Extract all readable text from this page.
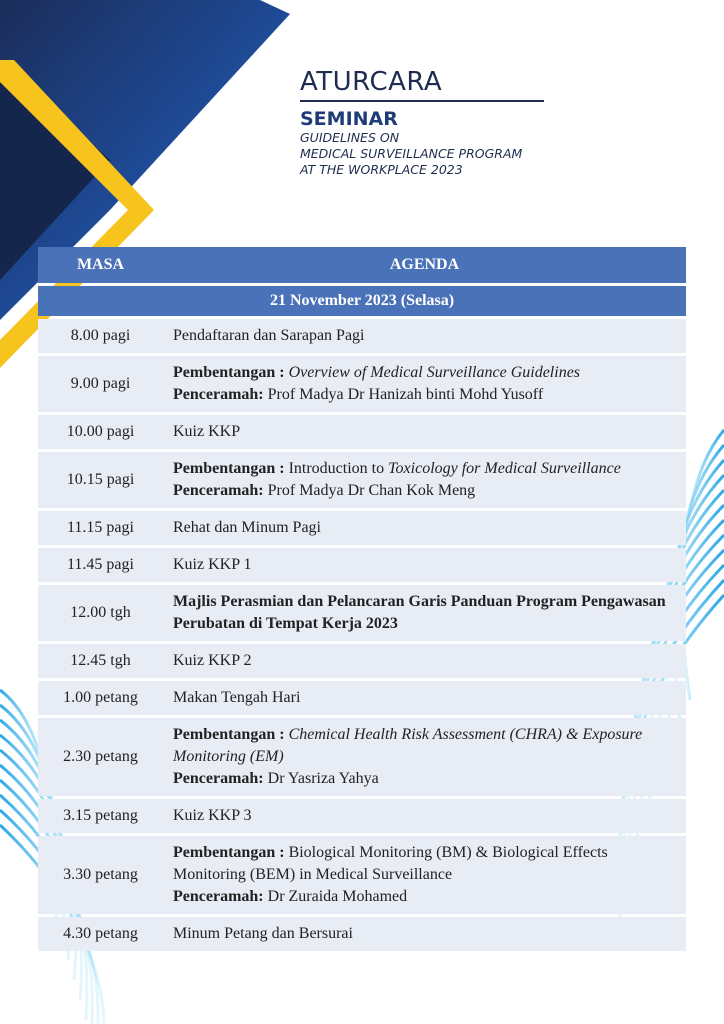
ATURCARA
SEMINAR
GUIDELINES ON
MEDICAL SURVEILLANCE PROGRAM
AT THE WORKPLACE 2023
MASA	AGENDA
21 November 2023 (Selasa)	
8.00 pagi	Pendaftaran dan Sarapan Pagi
9.00 pagi	Pembentangan : Overview of Medical Surveillance Guidelines
Penceramah: Prof Madya Dr Hanizah binti Mohd Yusoff
10.00 pagi	Kuiz KKP
10.15 pagi	Pembentangan : Introduction to Toxicology for Medical Surveillance
Penceramah: Prof Madya Dr Chan Kok Meng
11.15 pagi	Rehat dan Minum Pagi
11.45 pagi	Kuiz KKP 1
12.00 tgh	Majlis Perasmian dan Pelancaran Garis Panduan Program Pengawasan Perubatan di Tempat Kerja 2023
12.45 tgh	Kuiz KKP 2
1.00 petang	Makan Tengah Hari
2.30 petang	Pembentangan : Chemical Health Risk Assessment (CHRA) & Exposure Monitoring (EM)
Penceramah: Dr Yasriza Yahya
3.15 petang	Kuiz KKP 3
3.30 petang	Pembentangan : Biological Monitoring (BM) & Biological Effects Monitoring (BEM) in Medical Surveillance
Penceramah: Dr Zuraida Mohamed
4.30 petang	Minum Petang dan Bersurai
